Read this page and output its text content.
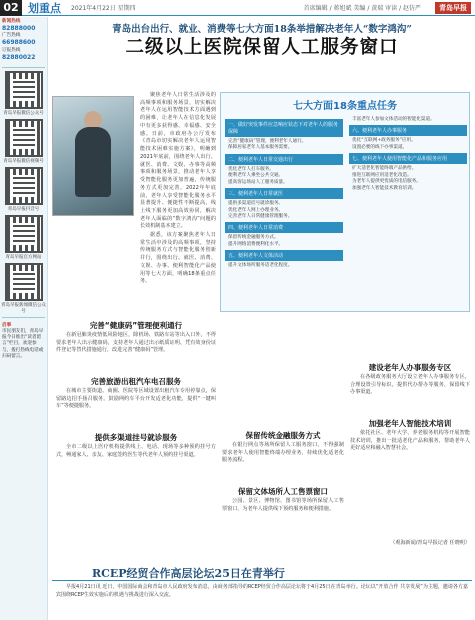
02 划重点 2021年4月22日 星期四	首席编辑 / 蒋旭斌 美编 / 黄瑞 审读 / 赵仿严	青岛早报
新闻热线
82888000
广告热线
66988600
订报热线
82880022
青岛早报微信公众号
青岛早报微信视频号
青岛早报抖音号
青岛早报官方网站
青岛早报新闻微信公众号
启事
市民朋友们，青岛早报今日推出“读者留言”栏目，欢迎参与，拨打热线电话或扫码留言。
青岛出台出行、就业、消费等七大方面18条举措解决老年人“数字鸿沟”
二级以上医院保留人工服务窗口
聚焦老年人日常生活涉及的高频事项和服务场景，切实解决老年人在运用智能技术方面遇到的困难，让老年人在信息化发展中有更多获得感、幸福感、安全感。日前，市政府办公厅发布《青岛市切实解决老年人运用智能技术困难实施方案》，明确到2021年底前，围绕老年人出行、就医、消费、文娱、办事等高频事项和服务场景，推动老年人享受智能化服务更加普遍，传统服务方式更加完善。2022年年底前，老年人享受智能化服务水平显著提升、便捷性不断提高，线上线下服务更加高效协同，解决老年人面临的“数字鸿沟”问题的长效机制基本建立。
据悉，该方案聚焦老年人日常生活中涉及的高频事项，坚持传统服务方式与智能化服务创新并行，围绕出行、就医、消费、文娱、办事、便利智能化产品使用等七大方面，明确18条重点任务。
七大方面18条重点任务
一、做好突发事件应急响应状态下对老年人的服务保障
完善“健康码”管理，便利老年人通行。
保障居家老年人基本服务需要。
二、便利老年人日常交通出行
优化老年人打车服务。
便利老年人乘坐公共交通。
提高客运场站人工服务质量。
三、便利老年人日常就医
提供多渠道挂号就诊服务。
优化老年人网上办理业务。
完善老年人日常健康管理服务。
四、便利老年人日常消费
保留传统金融服务方式。
提升网络消费便利化水平。
五、便利老年人文体活动
提升文体场所服务适老化程度。
丰富老年人参加文体活动的智能化渠道。
六、便利老年人办事服务
优化“互联网+政务服务”应用。
设置必要的线下办事渠道。
七、便利老年人使用智能化产品和服务应用
扩大适老化智能终端产品供给。
推进互联网应用适老化改造。
为老年人提供更优质的电信服务。
加强老年人智能技术教育培训。
完善“健康码”管理便利通行
在新冠肺炎疫情低风险地区，除机场、铁路车站等出入口外，不得要求老年人出示健康码，支持老年人通过出示纸质证明、凭有效身份证件登记等替代措施通行，改进完善“健康码”管理。
完善旅游出租汽车电召服务
在城市主要街道、商圈、医院等区域设置出租汽车专用停靠点，保留路边招手扬召服务。鼓励网约车平台开发适老化功能，提供“一键叫车”等便捷服务。
提供多渠道挂号就诊服务
全市二级以上医疗机构提供线上、电话、现场等多种预约挂号方式，畅通家人、亲友、家庭签约医生等代老年人预约挂号渠道。
保留传统金融服务方式
在银行网点等场所保留人工服务窗口，不得强制要求老年人使用智能终端办理业务，持续优化适老化服务流程。
保留文体场所人工售票窗口
公园、景区、博物馆、图书馆等场所保留人工售票窗口，为老年人提供线下预约服务和便利措施。
建设老年人办事服务专区
在各级政务服务大厅设立老年人办事服务专区，合理设置引导标识，提供代办帮办等服务，保留线下办事渠道。
加强老年人智能技术培训
依托社区、老年大学、养老服务机构等开展智能技术培训，推出一批适老化产品和服务，帮助老年人更好适应和融入智慧社会。
（观海新闻/青岛早报记者 任晓明）
RCEP经贸合作高层论坛25日在青举行
早报4月21日讯 近日，中国国际商会和青岛市人民政府发布消息，由商务部指导的RCEP经贸合作高层论坛将于4月25日在青岛举行。论坛以“开放合作 共享发展”为主题，邀请各方嘉宾围绕RCEP生效实施后的机遇与挑战进行深入交流。
